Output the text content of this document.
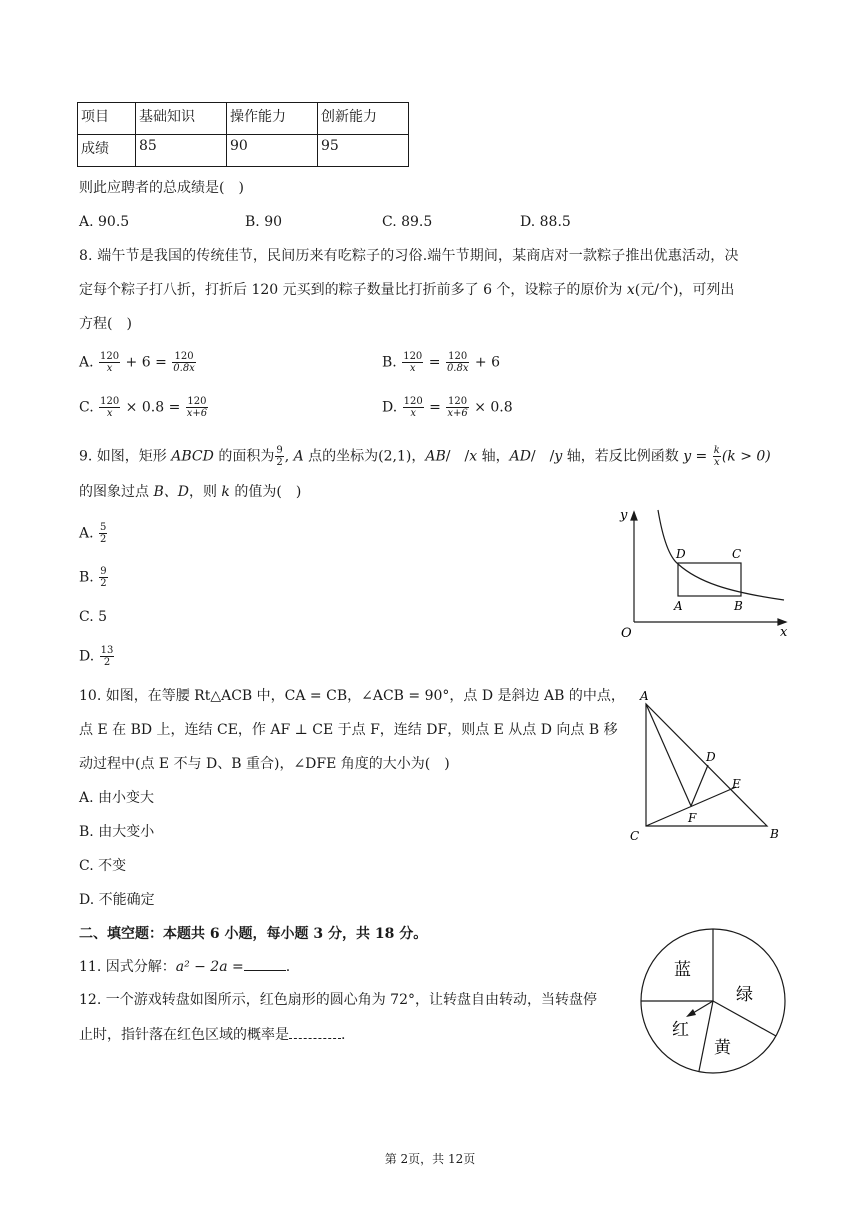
项目	基础知识	操作能力	创新能力
成绩	85	90	95
则此应聘者的总成绩是( )
A. 90.5	B. 90	C. 89.5	D. 88.5
8. 端午节是我国的传统佳节，民间历来有吃粽子的习俗.端午节期间，某商店对一款粽子推出优惠活动，决
定每个粽子打八折，打折后 120 元买到的粽子数量比打折前多了 6 个，设粽子的原价为 x(元/个)，可列出
方程( )
A. $\frac{120}{x} + 6 = \frac{120}{0.8x}$	B. $\frac{120}{x} = \frac{120}{0.8x} + 6$
C. $\frac{120}{x} \times 0.8 = \frac{120}{x+6}$	D. $\frac{120}{x} = \frac{120}{x+6} \times 0.8$
9. 如图，矩形 ABCD 的面积为 $\frac{9}{2}$ , A 点的坐标为(2,1)，AB/ /x 轴，AD/ /y 轴，若反比例函数 $y = \frac{k}{x} (k > 0)$
的图象过点 B、D，则 k 的值为( )
A. $\frac{5}{2}$
B. $\frac{9}{2}$
C. 5
D. $\frac{13}{2}$
y
x
O
A	B
C
D
10. 如图，在等腰 Rt△ACB 中，CA = CB，∠ACB = 90°，点 D 是斜边 AB 的中点，
点 E 在 BD 上，连结 CE，作 AF ⊥ CE 于点 F，连结 DF，则点 E 从点 D 向点 B 移
动过程中(点 E 不与 D、B 重合)，∠DFE 角度的大小为( )
A. 由小变大
B. 由大变小
C. 不变
D. 不能确定
A
B
C
D
E
F
二、填空题：本题共 6 小题，每小题 3 分，共 18 分。
11. 因式分解：a² − 2a =	.
12. 一个游戏转盘如图所示，红色扇形的圆心角为 72°，让转盘自由转动，当转盘停
止时，指针落在红色区域的概率是	.
蓝
绿
红
黄
第 2页，共 12页
